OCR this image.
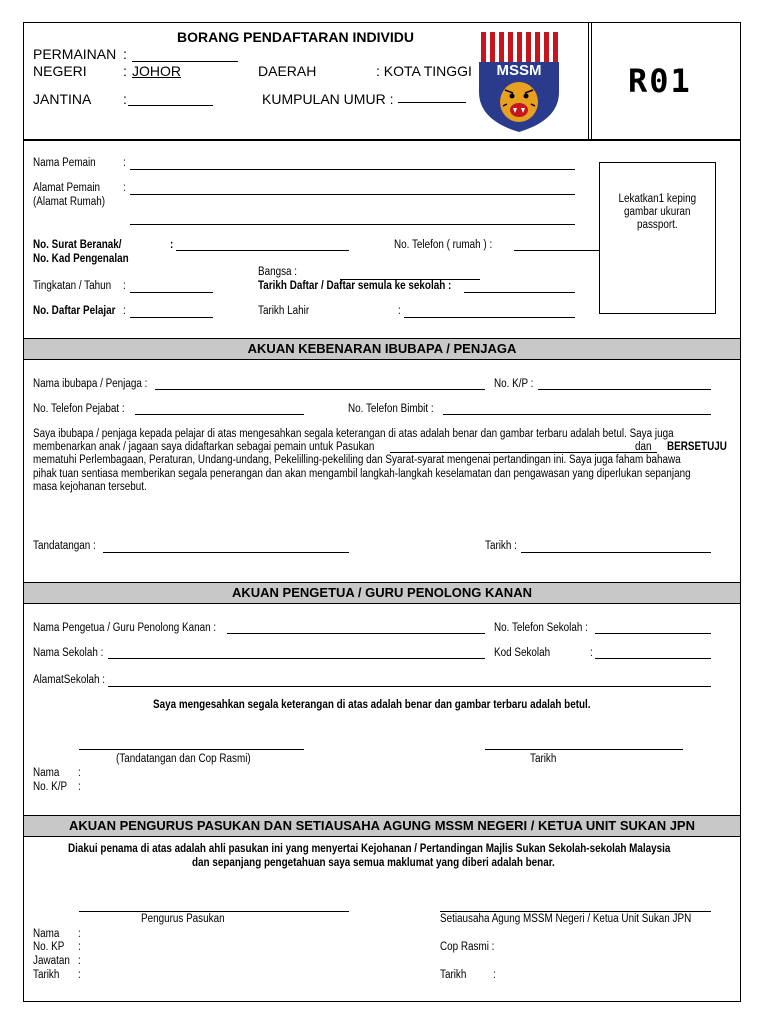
BORANG PENDAFTARAN INDIVIDU
PERMAINAN :
NEGERI	: JOHOR	DAERAH	: KOTA TINGGI
JANTINA :	KUMPULAN UMUR :
MSSM	R01
Nama Pemain :
Alamat Pemain
(Alamat Rumah)
:
No. Surat Beranak/
No. Kad Pengenalan
:	No. Telefon ( rumah ) :
Bangsa :
Tingkatan / Tahun :	Tarikh Daftar / Daftar semula ke sekolah :
No. Daftar Pelajar :	Tarikh Lahir	:
Lekatkan1 keping gambar ukuran passport.
AKUAN KEBENARAN IBUBAPA / PENJAGA
Nama ibubapa / Penjaga :	No. K/P :
No. Telefon Pejabat :	No. Telefon Bimbit :
Saya ibubapa / penjaga kepada pelajar di atas mengesahkan segala keterangan di atas adalah benar dan gambar terbaru adalah betul. Saya juga
membenarkan anak / jagaan saya didaftarkan sebagai pemain untuk Pasukan	dan BERSETUJU
mematuhi Perlembagaan, Peraturan, Undang-undang, Pekelilling-pekeliling dan Syarat-syarat mengenai pertandingan ini. Saya juga faham bahawa
pihak tuan sentiasa memberikan segala penerangan dan akan mengambil langkah-langkah keselamatan dan pengawasan yang diperlukan sepanjang
masa kejohanan tersebut.
Tandatangan :	Tarikh :
AKUAN PENGETUA / GURU PENOLONG KANAN
Nama Pengetua / Guru Penolong Kanan :	No. Telefon Sekolah :
Nama Sekolah :	Kod Sekolah	:
AlamatSekolah :
Saya mengesahkan segala keterangan di atas adalah benar dan gambar terbaru adalah betul.
(Tandatangan dan Cop Rasmi)	Tarikh
Nama :
No. K/P :
AKUAN PENGURUS PASUKAN DAN SETIAUSAHA AGUNG MSSM NEGERI / KETUA UNIT SUKAN JPN
Diakui penama di atas adalah ahli pasukan ini yang menyertai Kejohanan / Pertandingan Majlis Sukan Sekolah-sekolah Malaysia
dan sepanjang pengetahuan saya semua maklumat yang diberi adalah benar.
Pengurus Pasukan	Setiausaha Agung MSSM Negeri / Ketua Unit Sukan JPN
Nama :
No. KP :
Jawatan :
Tarikh :
Cop Rasmi :
Tarikh :
